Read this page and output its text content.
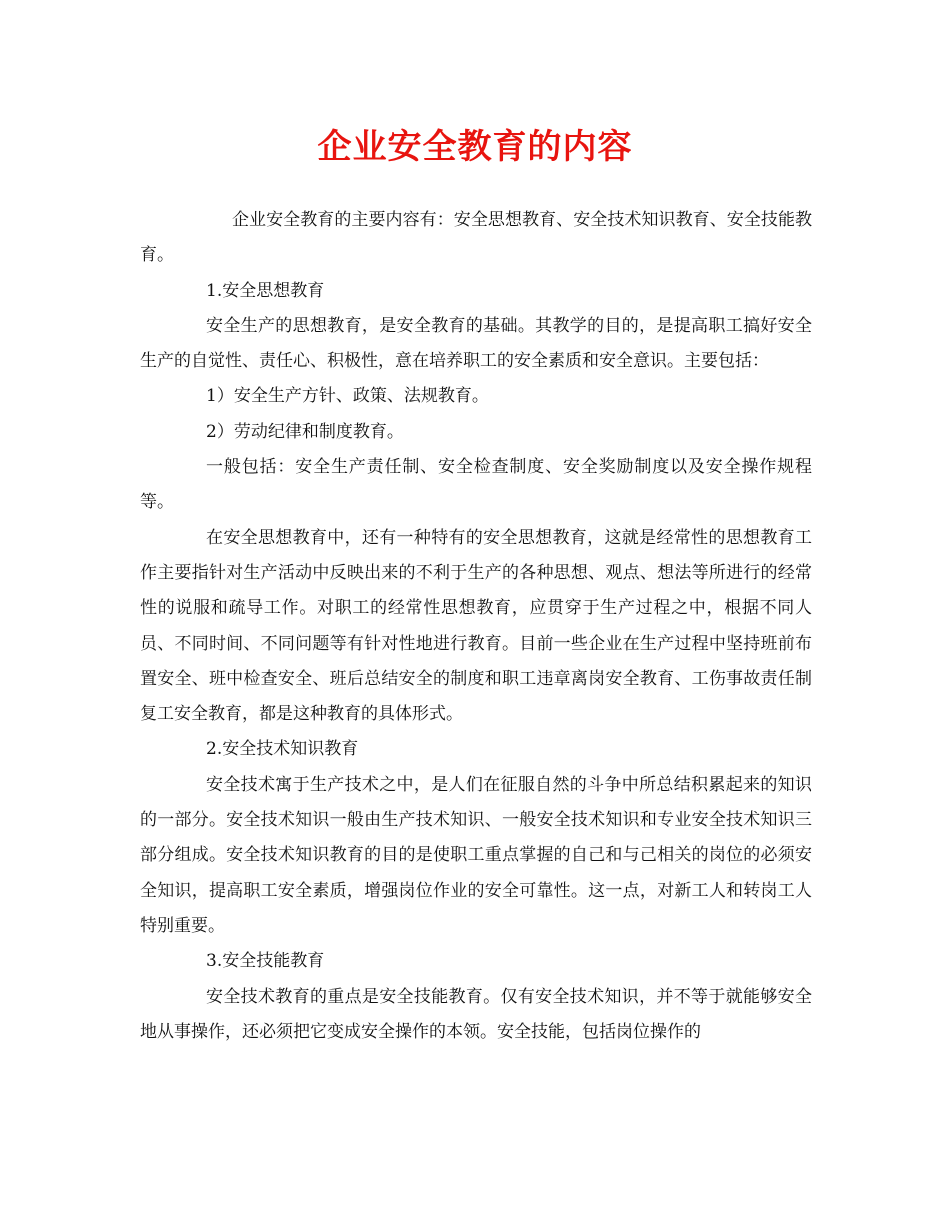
企业安全教育的内容

企业安全教育的主要内容有：安全思想教育、安全技术知识教育、安全技能教育。

1.安全思想教育

安全生产的思想教育，是安全教育的基础。其教学的目的，是提高职工搞好安全生产的自觉性、责任心、积极性，意在培养职工的安全素质和安全意识。主要包括：

1）安全生产方针、政策、法规教育。

2）劳动纪律和制度教育。

一般包括：安全生产责任制、安全检查制度、安全奖励制度以及安全操作规程等。

在安全思想教育中，还有一种特有的安全思想教育，这就是经常性的思想教育工作主要指针对生产活动中反映出来的不利于生产的各种思想、观点、想法等所进行的经常性的说服和疏导工作。对职工的经常性思想教育，应贯穿于生产过程之中，根据不同人员、不同时间、不同问题等有针对性地进行教育。目前一些企业在生产过程中坚持班前布置安全、班中检查安全、班后总结安全的制度和职工违章离岗安全教育、工伤事故责任制复工安全教育，都是这种教育的具体形式。

2.安全技术知识教育

安全技术寓于生产技术之中，是人们在征服自然的斗争中所总结积累起来的知识的一部分。安全技术知识一般由生产技术知识、一般安全技术知识和专业安全技术知识三部分组成。安全技术知识教育的目的是使职工重点掌握的自己和与己相关的岗位的必须安全知识，提高职工安全素质，增强岗位作业的安全可靠性。这一点，对新工人和转岗工人特别重要。

3.安全技能教育

安全技术教育的重点是安全技能教育。仅有安全技术知识，并不等于就能够安全地从事操作，还必须把它变成安全操作的本领。安全技能，包括岗位操作的
